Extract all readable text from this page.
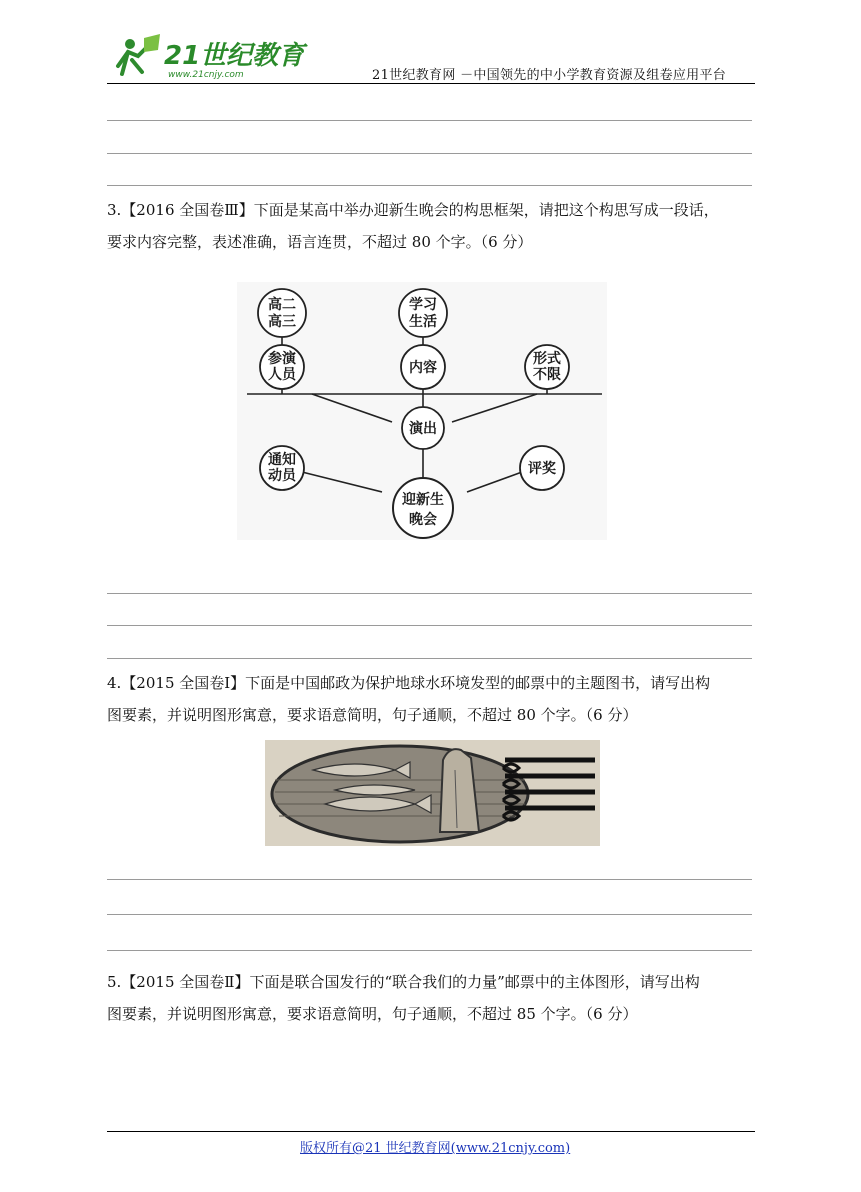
21世纪教育
www.21cnjy.com	21世纪教育网 －中国领先的中小学教育资源及组卷应用平台

3.【2016 全国卷Ⅲ】下面是某高中举办迎新生晚会的构思框架，请把这个构思写成一段话，

要求内容完整，表述准确，语言连贯，不超过 80 个字。（6 分）

高二
高三
学习
生活
参演
人员	内容
形式
不限
演出
通知
动员	评奖
迎新生
晚会

4.【2015 全国卷Ⅰ】下面是中国邮政为保护地球水环境发型的邮票中的主题图书，请写出构

图要素，并说明图形寓意，要求语意简明，句子通顺，不超过 80 个字。（6 分）

5.【2015 全国卷Ⅱ】下面是联合国发行的“联合我们的力量”邮票中的主体图形，请写出构

图要素，并说明图形寓意，要求语意简明，句子通顺，不超过 85 个字。（6 分）

版权所有@21 世纪教育网(www.21cnjy.com)
